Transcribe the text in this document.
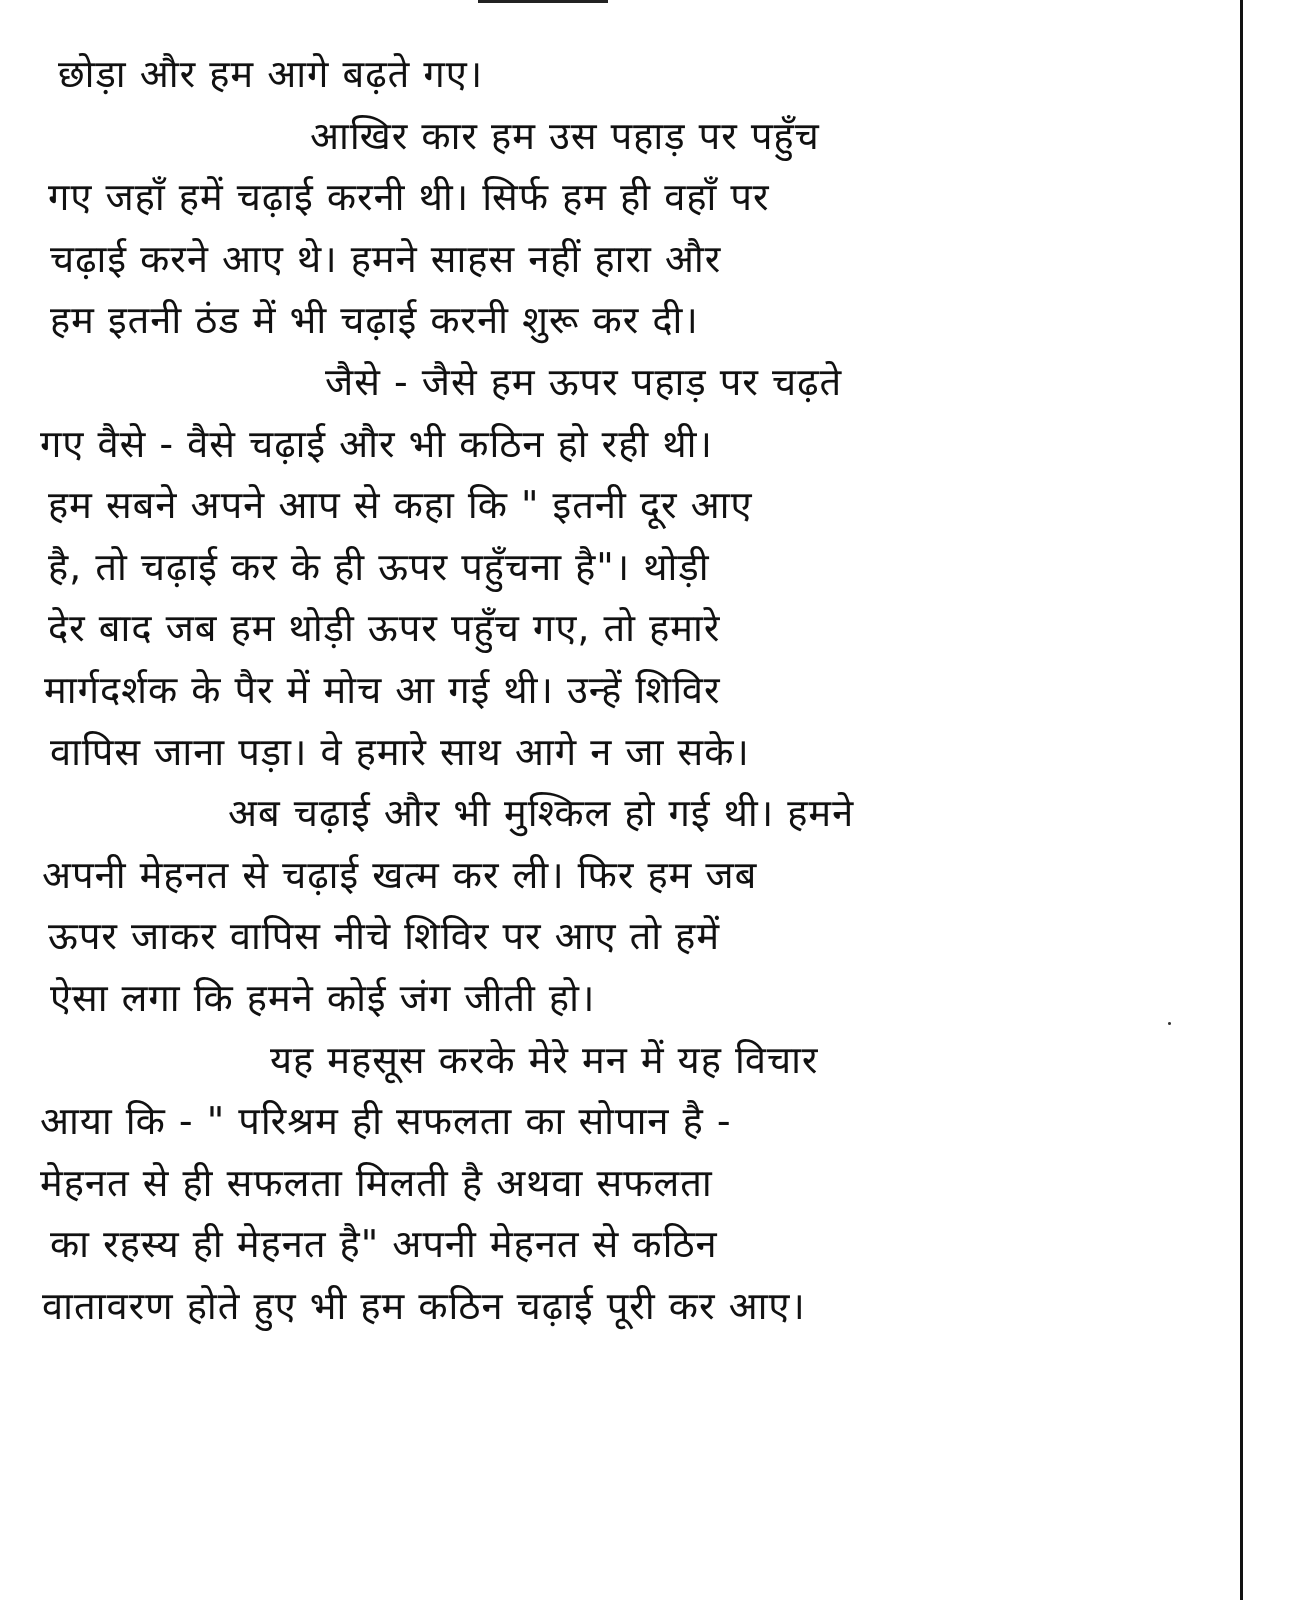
छोड़ा और हम आगे बढ़ते गए।
आखिर कार हम उस पहाड़ पर पहुँच
गए जहाँ हमें चढ़ाई करनी थी। सिर्फ हम ही वहाँ पर
चढ़ाई करने आए थे। हमने साहस नहीं हारा और
हम इतनी ठंड में भी चढ़ाई करनी शुरू कर दी।
जैसे - जैसे हम ऊपर पहाड़ पर चढ़ते
गए वैसे - वैसे चढ़ाई और भी कठिन हो रही थी।
हम सबने अपने आप से कहा कि " इतनी दूर आए
है, तो चढ़ाई कर के ही ऊपर पहुँचना है"। थोड़ी
देर बाद जब हम थोड़ी ऊपर पहुँच गए, तो हमारे
मार्गदर्शक के पैर में मोच आ गई थी। उन्हें शिविर
वापिस जाना पड़ा। वे हमारे साथ आगे न जा सके।
अब चढ़ाई और भी मुश्किल हो गई थी। हमने
अपनी मेहनत से चढ़ाई खत्म कर ली। फिर हम जब
ऊपर जाकर वापिस नीचे शिविर पर आए तो हमें
ऐसा लगा कि हमने कोई जंग जीती हो।
यह महसूस करके मेरे मन में यह विचार
आया कि - " परिश्रम ही सफलता का सोपान है -
मेहनत से ही सफलता मिलती है अथवा सफलता
का रहस्य ही मेहनत है" अपनी मेहनत से कठिन
वातावरण होते हुए भी हम कठिन चढ़ाई पूरी कर आए।
